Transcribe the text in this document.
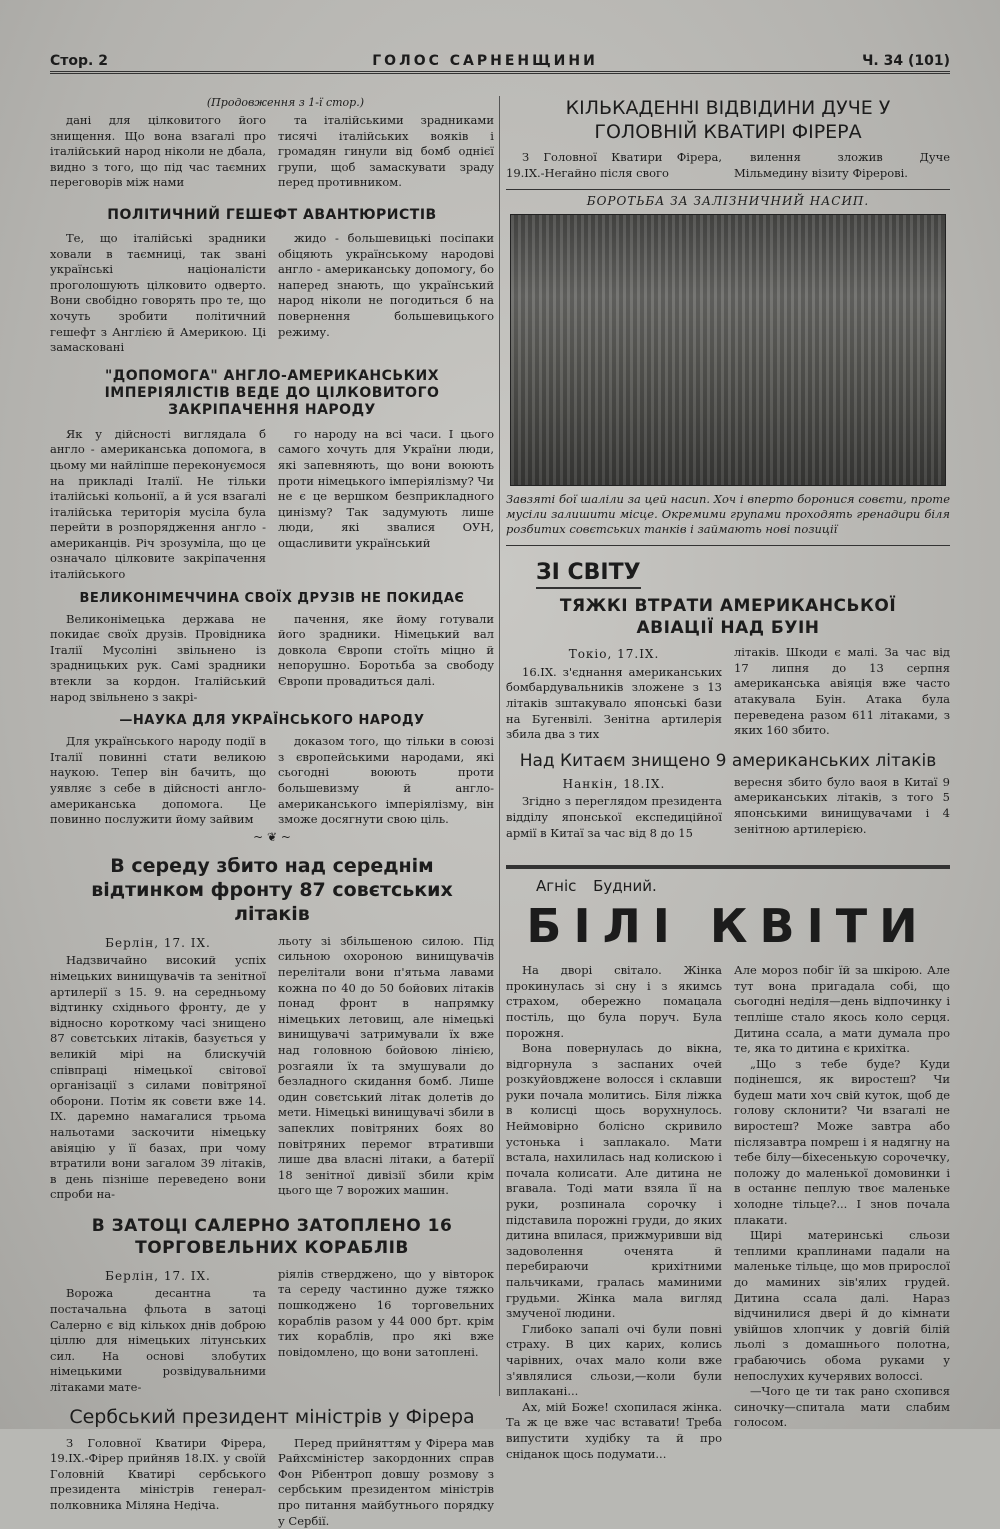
Стор. 2	ГОЛОС САРНЕНЩИНИ	Ч. 34 (101)
(Продовження з 1-ї стор.)

дані для цілковитого його знищення. Що вона взагалі про італійський народ ніколи не дбала, видно з того, що під час таємних переговорів між нами

та італійськими зрадниками тисячі італійських вояків і громадян гинули від бомб однієї групи, щоб замаскувати зраду перед противником.

ПОЛІТИЧНИЙ ГЕШЕФТ АВАНТЮРИСТІВ

Те, що італійські зрадники ховали в таємниці, так звані українські націоналісти проголошують цілковито одверто. Вони свобідно говорять про те, що хочуть зробити політичний гешефт з Англією й Америкою. Ці замасковані

жидо - большевицькі посіпаки обіцяють українському народові англо - американську допомогу, бо наперед знають, що український народ ніколи не погодиться б на повернення большевицького режиму.

"ДОПОМОГА" АНГЛО-АМЕРИКАНСЬКИХ ІМПЕРІЯЛІСТІВ ВЕДЕ ДО ЦІЛКОВИТОГО ЗАКРІПАЧЕННЯ НАРОДУ

Як у дійсності виглядала б англо - американська допомога, в цьому ми найліпше переконуємося на прикладі Італії. Не тільки італійські кольонії, а й уся взагалі італійська територія мусіла була перейти в розпорядження англо - американців. Річ зрозуміла, що це означало цілковите закріпачення італійського

го народу на всі часи. І цього самого хочуть для України люди, які запевняють, що вони воюють проти німецького імперіялізму? Чи не є це вершком безприкладного цинізму? Так задумують лише люди, які звалися ОУН, ощасливити український

ВЕЛИКОНІМЕЧЧИНА СВОЇХ ДРУЗІВ НЕ ПОКИДАЄ

Великонімецька держава не покидає своїх друзів. Провідника Італії Мусоліні звільнено із зрадницьких рук. Самі зрадники втекли за кордон. Італійський народ звільнено з закрі-

пачення, яке йому готували його зрадники. Німецький вал довкола Європи стоїть міцно й непорушно. Боротьба за свободу Європи провадиться далі.

—НАУКА ДЛЯ УКРАЇНСЬКОГО НАРОДУ

Для українського народу події в Італії повинні стати великою наукою. Тепер він бачить, що уявляє з себе в дійсності англо-американська допомога. Це повинно послужити йому зайвим

доказом того, що тільки в союзі з європейськими народами, які сьогодні воюють проти большевизму й англо-американського імперіялізму, він зможе досягнути свою ціль.

~ ❦ ~
В середу збито над середнім відтинком фронту 87 совєтських літаків
Берлін, 17. IX.

Надзвичайно високий успіх німецьких винищувачів та зенітної артилерії з 15. 9. на середньому відтинку східнього фронту, де у відносно короткому часі знищено 87 совєтських літаків, базується у великій мірі на блискучій співпраці німецької світової організації з силами повітряної оборони. Потім як совєти вже 14. IX. даремно намагалися трьома нальотами заскочити німецьку авіяцію у її базах, при чому втратили вони загалом 39 літаків, в день пізніше переведено вони спроби на-

льоту зі збільшеною силою. Під сильною охороною винищувачів перелітали вони п'ятьма лавами кожна по 40 до 50 бойових літаків понад фронт в напрямку німецьких летовищ, але німецькі винищувачі затримували їх вже над головною бойовою лінією, розгаяли їх та змушували до безладного скидання бомб. Лише один совєтський літак долетів до мети. Німецькі винищувачі збили в запеклих повітряних боях 80 повітряних перемог втративши лише два власні літаки, а батерії 18 зенітної дивізії збили крім цього ще 7 ворожих машин.

В ЗАТОЦІ САЛЕРНО ЗАТОПЛЕНО 16 ТОРГОВЕЛЬНИХ КОРАБЛІВ
Берлін, 17. IX.

Ворожа десантна та постачальна фльота в затоці Салерно є від кількох днів доброю ціллю для німецьких літунських сил. На основі злобутих німецькими розвідувальними літаками мате-

ріялів стверджено, що у вівторок та середу частинно дуже тяжко пошкоджено 16 торговельних кораблів разом у 44 000 брт. крім тих кораблів, про які вже повідомлено, що вони затоплені.

Сербський президент міністрів у Фірера

З Головної Кватири Фірера, 19.IX.-Фірер прийняв 18.IX. у своїй Головній Кватирі сербського президента міністрів генерал-полковника Міляна Недіча.

Перед прийняттям у Фірера мав Райхсміністер закордонних справ Фон Рібентроп довшу розмову з сербським президентом міністрів про питання майбутнього порядку у Сербії.

КІЛЬКАДЕННІ ВІДВІДИНИ ДУЧЕ У ГОЛОВНІЙ КВАТИРІ ФІРЕРА

З Головної Кватири Фірера, 19.IX.-Негайно після свого

вилення зложив Дуче Мільмедину візиту Фірерові.

БОРОТЬБА ЗА ЗАЛІЗНИЧНИЙ НАСИП.
Завзяті бої шаліли за цей насип. Хоч і вперто боронися совєти, проте мусіли залишити місце. Окремими групами проходять гренадири біля розбитих совєтських танків і займають нові позиції
ЗІ СВІТУ
ТЯЖКІ ВТРАТИ АМЕРИКАНСЬКОЇ АВІАЦІЇ НАД БУІН
Токіо, 17.IX.

16.IX. з'єднання американських бомбардувальників зложене з 13 літаків зштакувало японські бази на Бугенвілі. Зенітна артилерія збила два з тих

літаків. Шкоди є малі. За час від 17 липня до 13 серпня американська авіяція вже часто атакувала Буін. Атака була переведена разом 611 літаками, з яких 160 збито.

Над Китаєм знищено 9 американських літаків
Нанкін, 18.IX.

Згідно з переглядом президента відділу японської експедиційної армії в Китаї за час від 8 до 15

вересня збито було ваоя в Китаї 9 американських літаків, з того 5 японськими винищувачами і 4 зенітною артилерією.

Агніс Будний.
БІЛІ КВІТИ

На дворі світало. Жінка прокинулась зі сну і з якимсь страхом, обережно помацала постіль, що була поруч. Була порожня.

Вона повернулась до вікна, відгорнула з заспаних очей розкуйовджене волосся і склавши руки почала молитись. Біля ліжка в колисці щось ворухнулось. Неймовірно болісно скривило устонька і заплакало. Мати встала, нахилилась над колискою і почала колисати. Але дитина не вгавала. Тоді мати взяла її на руки, розпинала сорочку і підставила порожні груди, до яких дитина впилася, прижмуривши від задоволення оченята й перебираючи крихітними пальчиками, гралась маминими грудьми. Жінка мала вигляд змученої людини.

Глибоко запалі очі були повні страху. В цих карих, колись чарівних, очах мало коли вже з'являлися сльози,—коли були виплакані...

Ах, мій Боже! схопилася жінка. Та ж це вже час вставати! Треба випустити худібку та й про сніданок щось подумати...

Але мороз побіг їй за шкірою. Але тут вона пригадала собі, що сьогодні неділя—день відпочинку і тепліше стало якось коло серця. Дитина ссала, а мати думала про те, яка то дитина є крихітка.

„Що з тебе буде? Куди подінешся, як виростеш? Чи будеш мати хоч свій куток, щоб де голову склонити? Чи взагалі не виростеш? Може завтра або післязавтра помреш і я надягну на тебе білу—біхесенькую сорочечку, положу до маленької домовинки і в останнє пеплую твоє маленьке холодне тільце?... І знов почала плакати.

Щирі материнські сльози теплими краплинами падали на маленьке тільце, що мов прирослої до маминих зів'ялих грудей. Дитина ссала далі. Нараз відчинилися двері й до кімнати увійшов хлопчик у довгій білій льолі з домашнього полотна, грабаючись обома руками у непослухих кучерявих волоссі.

—Чого це ти так рано схопився синочку—спитала мати слабим голосом.
